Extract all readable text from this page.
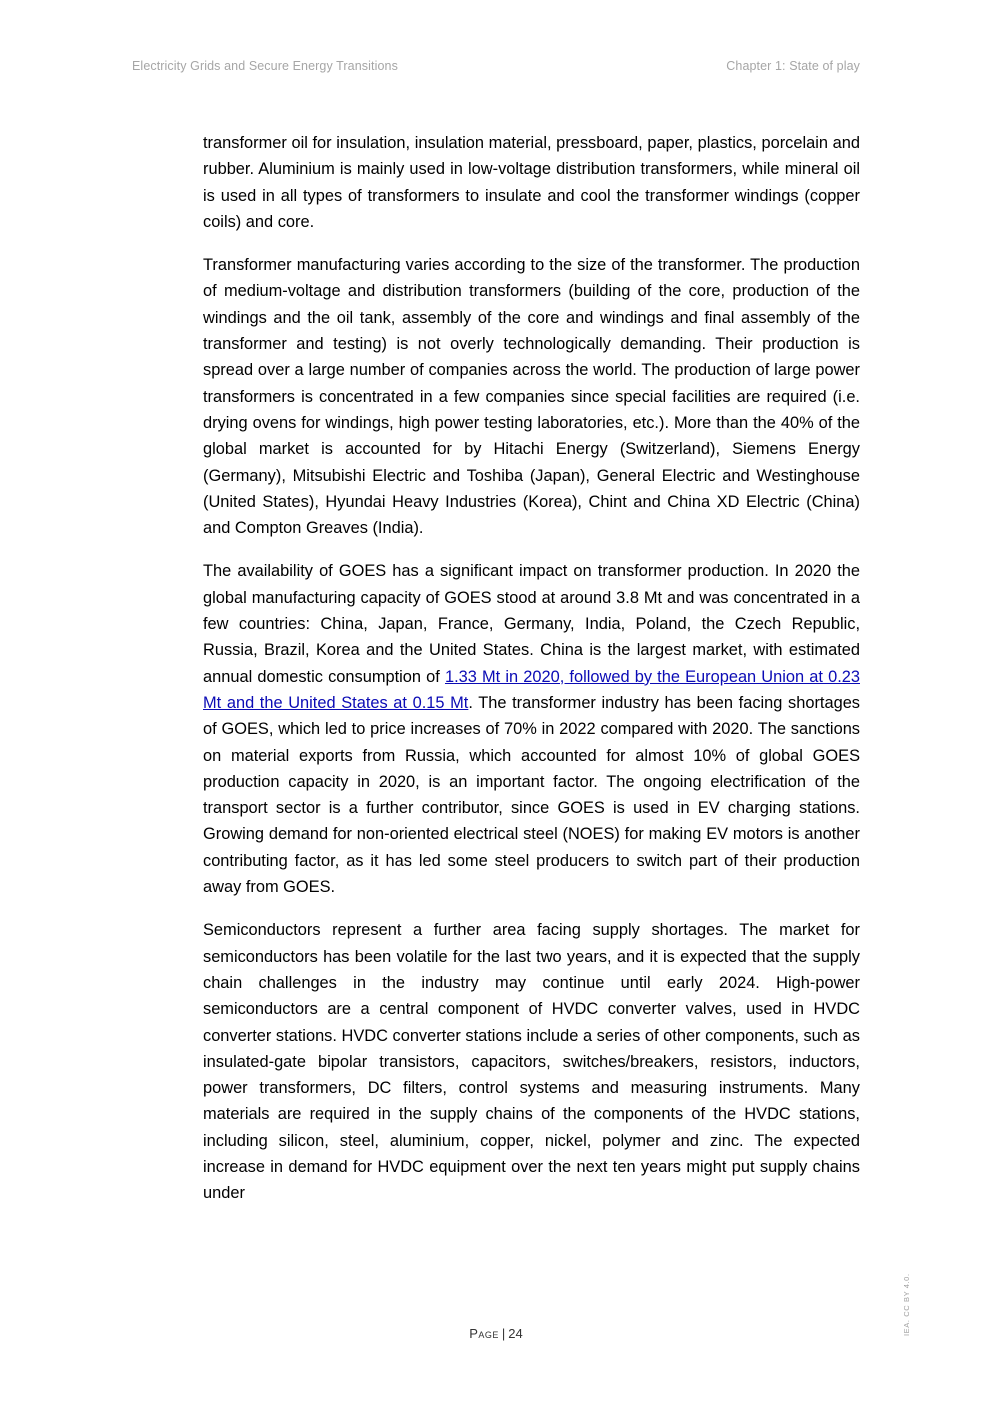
Electricity Grids and Secure Energy Transitions	Chapter 1: State of play

transformer oil for insulation, insulation material, pressboard, paper, plastics, porcelain and rubber. Aluminium is mainly used in low-voltage distribution transformers, while mineral oil is used in all types of transformers to insulate and cool the transformer windings (copper coils) and core.

Transformer manufacturing varies according to the size of the transformer. The production of medium-voltage and distribution transformers (building of the core, production of the windings and the oil tank, assembly of the core and windings and final assembly of the transformer and testing) is not overly technologically demanding. Their production is spread over a large number of companies across the world. The production of large power transformers is concentrated in a few companies since special facilities are required (i.e. drying ovens for windings, high power testing laboratories, etc.). More than the 40% of the global market is accounted for by Hitachi Energy (Switzerland), Siemens Energy (Germany), Mitsubishi Electric and Toshiba (Japan), General Electric and Westinghouse (United States), Hyundai Heavy Industries (Korea), Chint and China XD Electric (China) and Compton Greaves (India).

The availability of GOES has a significant impact on transformer production. In 2020 the global manufacturing capacity of GOES stood at around 3.8 Mt and was concentrated in a few countries: China, Japan, France, Germany, India, Poland, the Czech Republic, Russia, Brazil, Korea and the United States. China is the largest market, with estimated annual domestic consumption of 1.33 Mt in 2020, followed by the European Union at 0.23 Mt and the United States at 0.15 Mt. The transformer industry has been facing shortages of GOES, which led to price increases of 70% in 2022 compared with 2020. The sanctions on material exports from Russia, which accounted for almost 10% of global GOES production capacity in 2020, is an important factor. The ongoing electrification of the transport sector is a further contributor, since GOES is used in EV charging stations. Growing demand for non-oriented electrical steel (NOES) for making EV motors is another contributing factor, as it has led some steel producers to switch part of their production away from GOES.

Semiconductors represent a further area facing supply shortages. The market for semiconductors has been volatile for the last two years, and it is expected that the supply chain challenges in the industry may continue until early 2024. High-power semiconductors are a central component of HVDC converter valves, used in HVDC converter stations. HVDC converter stations include a series of other components, such as insulated-gate bipolar transistors, capacitors, switches/breakers, resistors, inductors, power transformers, DC filters, control systems and measuring instruments. Many materials are required in the supply chains of the components of the HVDC stations, including silicon, steel, aluminium, copper, nickel, polymer and zinc. The expected increase in demand for HVDC equipment over the next ten years might put supply chains under

Page | 24	IEA. CC BY 4.0.
